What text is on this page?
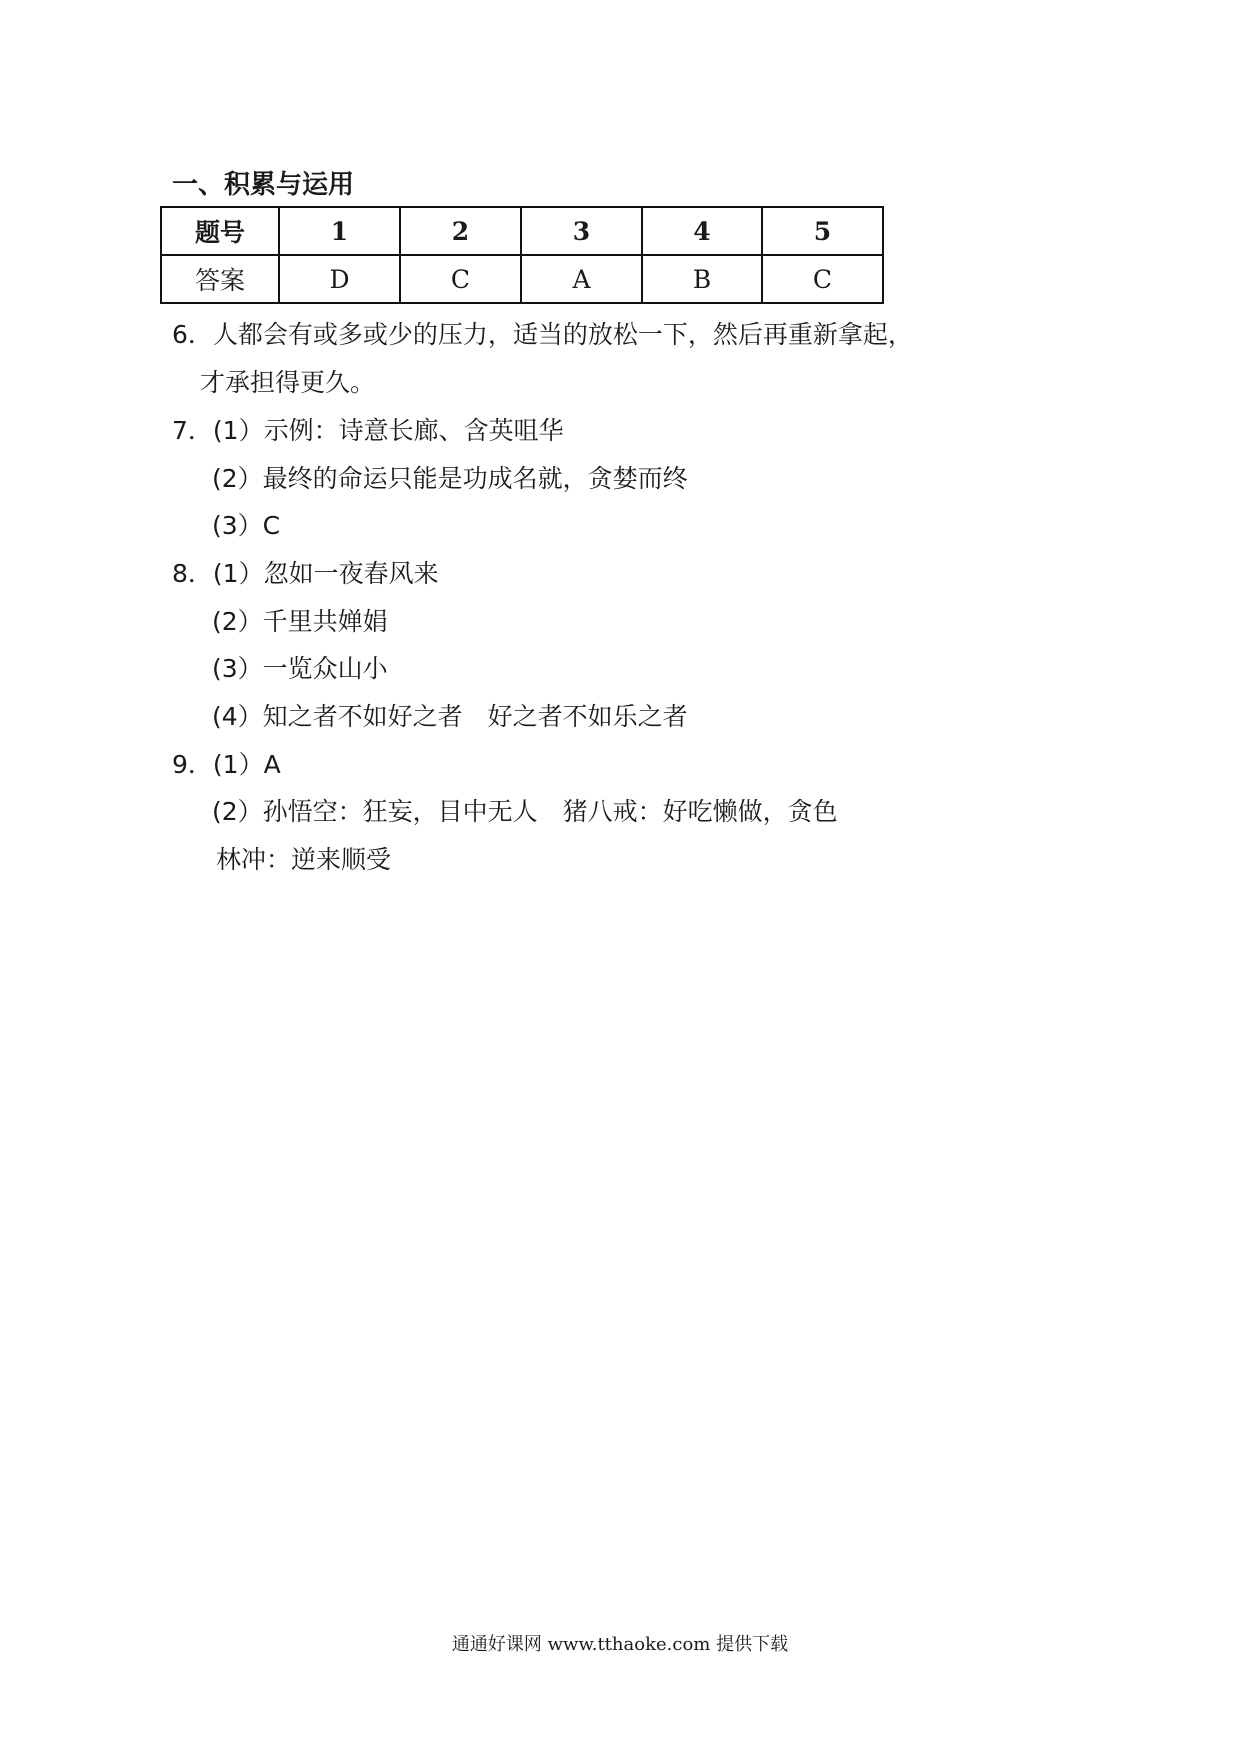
一、积累与运用
题号	1	2	3	4	5
答案	D	C	A	B	C
6．人都会有或多或少的压力，适当的放松一下，然后再重新拿起，
才承担得更久。
7．(1）示例：诗意长廊、含英咀华
(2）最终的命运只能是功成名就，贪婪而终
(3）C
8．(1）忽如一夜春风来
(2）千里共婵娟
(3）一览众山小
(4）知之者不如好之者　好之者不如乐之者
9．(1）A
(2）孙悟空：狂妄，目中无人　猪八戒：好吃懒做，贪色
林冲：逆来顺受
通通好课网 www.tthaoke.com 提供下载
